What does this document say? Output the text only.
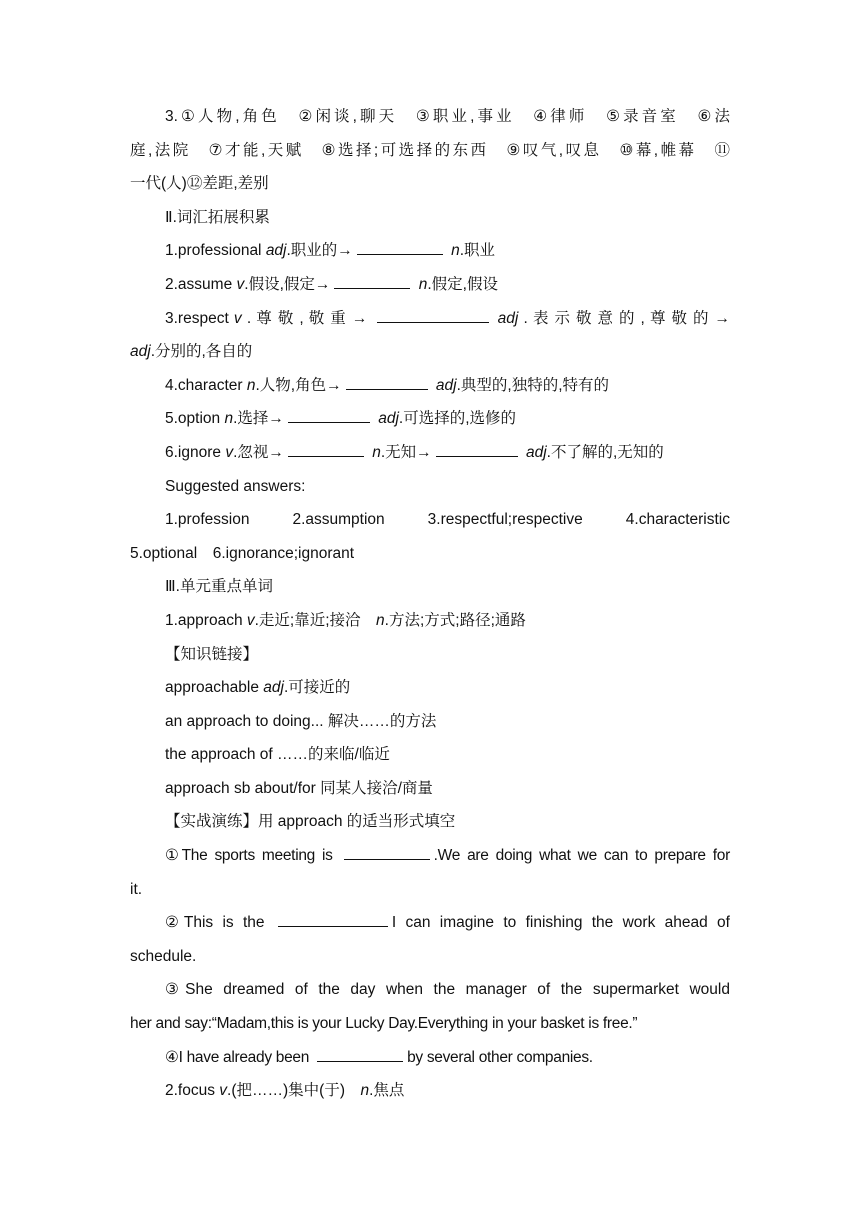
3.①人物,角色　②闲谈,聊天　③职业,事业　④律师　⑤录音室　⑥法

庭,法院　⑦才能,天赋　⑧选择;可选择的东西　⑨叹气,叹息　⑩幕,帷幕　⑪

一代(人)⑫差距,差别

Ⅱ.词汇拓展积累

1.professional adj.职业的→	n.职业

2.assume v.假设,假定→	n.假定,假设

3.respect v . 尊 敬 , 敬 重 →	adj . 表 示 敬 意 的 , 尊 敬 的 →

adj.分别的,各自的

4.character n.人物,角色→	adj.典型的,独特的,特有的

5.option n.选择→	adj.可选择的,选修的

6.ignore v.忽视→	n.无知→	adj.不了解的,无知的

Suggested answers:

1.profession 2.assumption 3.respectful;respective 4.characteristic

5.optional　6.ignorance;ignorant

Ⅲ.单元重点单词

1.approach v.走近;靠近;接洽　n.方法;方式;路径;通路

【知识链接】

approachable adj.可接近的

an approach to doing... 解决……的方法

the approach of ……的来临/临近

approach sb about/for 同某人接洽/商量

【实战演练】用 approach 的适当形式填空

①The sports meeting is	.We are doing what we can to prepare for

it.

②This is the	I can imagine to finishing the work ahead of

schedule.

③She dreamed of the day when the manager of the supermarket would

her and say:“Madam,this is your Lucky Day.Everything in your basket is free.”

④I have already been	by several other companies.

2.focus v.(把……)集中(于)　n.焦点
